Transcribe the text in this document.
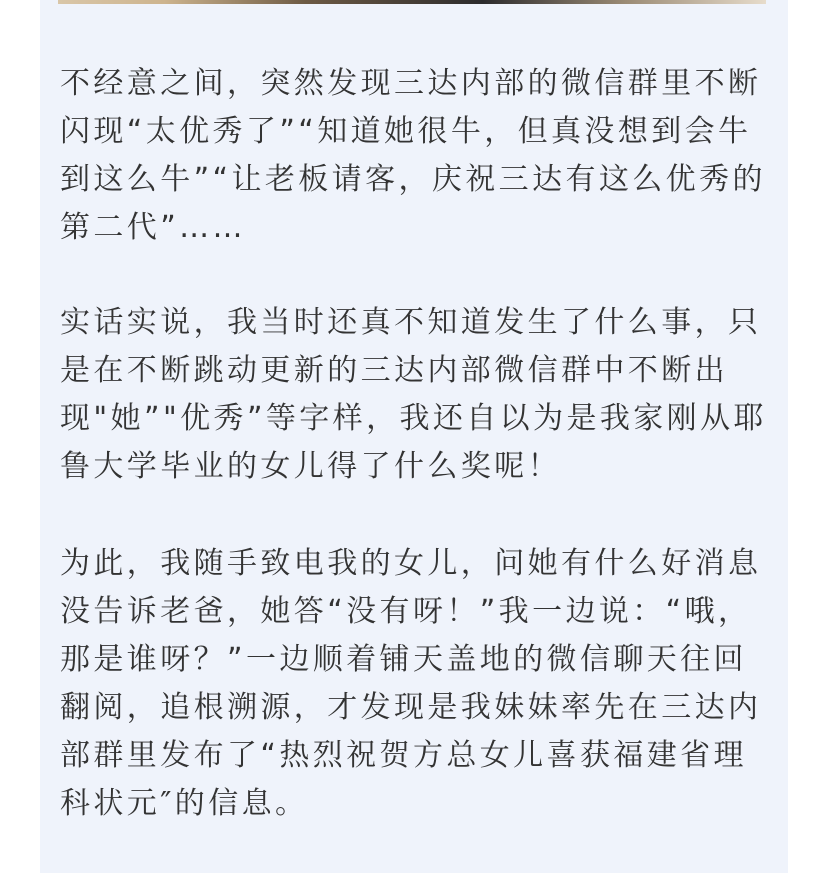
不经意之间，突然发现三达内部的微信群里不断闪现“太优秀了”“知道她很牛，但真没想到会牛到这么牛”“让老板请客，庆祝三达有这么优秀的第二代”……

实话实说，我当时还真不知道发生了什么事，只是在不断跳动更新的三达内部微信群中不断出现"她”"优秀”等字样，我还自以为是我家刚从耶鲁大学毕业的女儿得了什么奖呢！

为此，我随手致电我的女儿，问她有什么好消息没告诉老爸，她答“没有呀！”我一边说：“哦，那是谁呀？”一边顺着铺天盖地的微信聊天往回翻阅，追根溯源，才发现是我妹妹率先在三达内部群里发布了“热烈祝贺方总女儿喜获福建省理科状元″的信息。
